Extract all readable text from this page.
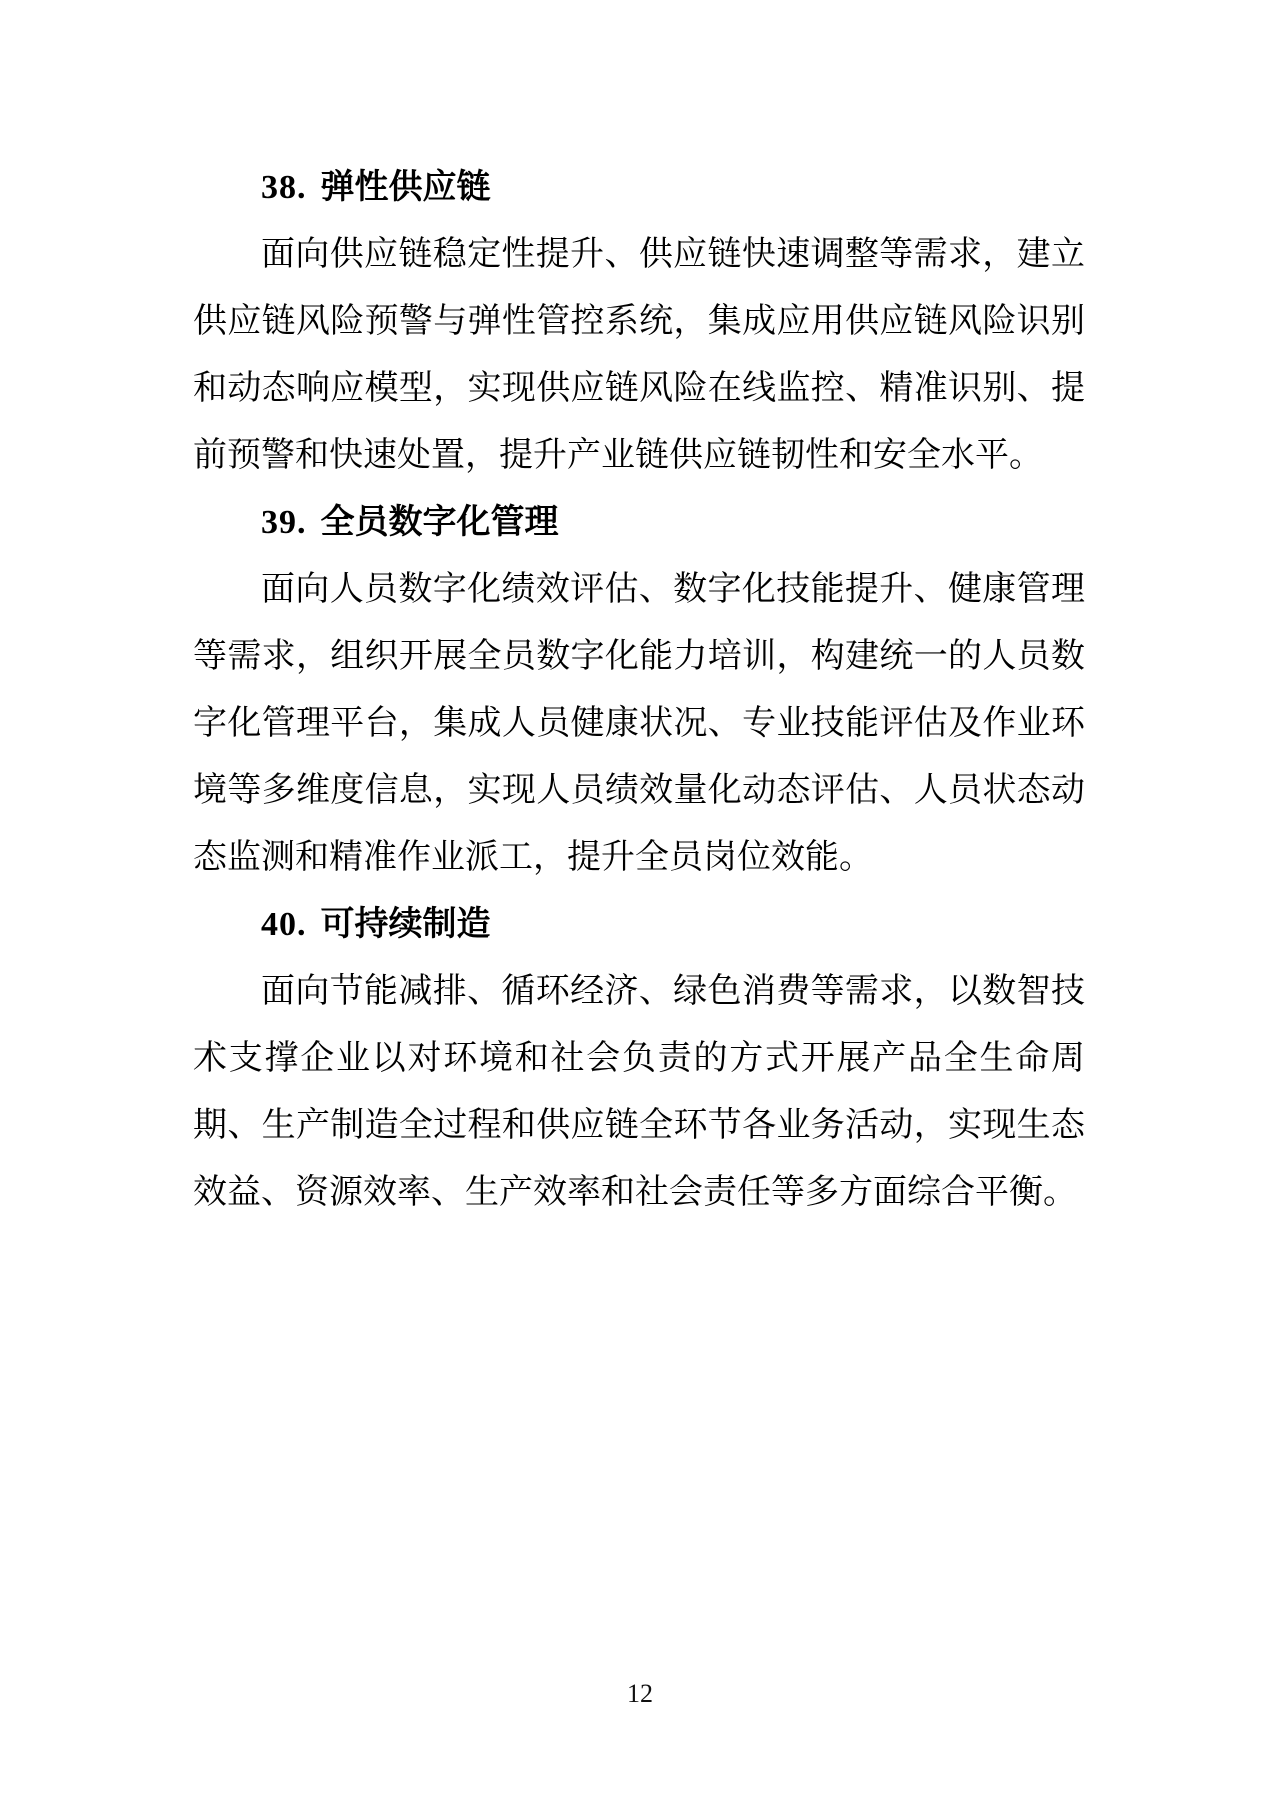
38. 弹性供应链

面向供应链稳定性提升、供应链快速调整等需求，建立供应链风险预警与弹性管控系统，集成应用供应链风险识别和动态响应模型，实现供应链风险在线监控、精准识别、提前预警和快速处置，提升产业链供应链韧性和安全水平。

39. 全员数字化管理

面向人员数字化绩效评估、数字化技能提升、健康管理等需求，组织开展全员数字化能力培训，构建统一的人员数字化管理平台，集成人员健康状况、专业技能评估及作业环境等多维度信息，实现人员绩效量化动态评估、人员状态动态监测和精准作业派工，提升全员岗位效能。

40. 可持续制造

面向节能减排、循环经济、绿色消费等需求，以数智技术支撑企业以对环境和社会负责的方式开展产品全生命周期、生产制造全过程和供应链全环节各业务活动，实现生态效益、资源效率、生产效率和社会责任等多方面综合平衡。

12
